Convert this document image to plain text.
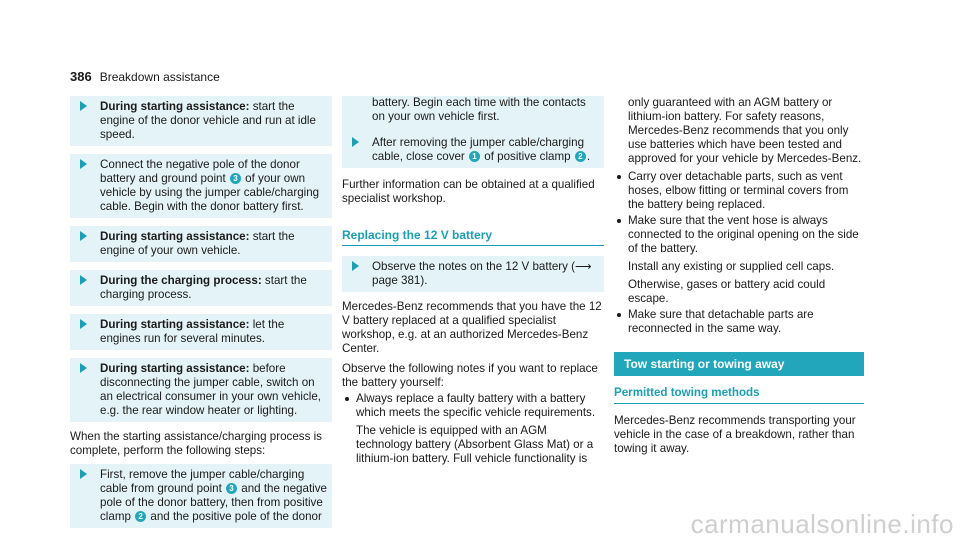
386 Breakdown assistance
During starting assistance: start the engine of the donor vehicle and run at idle speed.
Connect the negative pole of the donor battery and ground point 3 of your own vehicle by using the jumper cable/charging cable. Begin with the donor battery first.
During starting assistance: start the engine of your own vehicle.
During the charging process: start the charging process.
During starting assistance: let the engines run for several minutes.
During starting assistance: before disconnecting the jumper cable, switch on an electrical consumer in your own vehicle, e.g. the rear window heater or lighting.

When the starting assistance/charging process is complete, perform the following steps:

First, remove the jumper cable/charging cable from ground point 3 and the negative pole of the donor battery, then from positive clamp 2 and the positive pole of the donor
battery. Begin each time with the contacts on your own vehicle first.
After removing the jumper cable/charging cable, close cover 1 of positive clamp 2 .

Further information can be obtained at a qualified specialist workshop.

Replacing the 12 V battery
Observe the notes on the 12 V battery (⟶ page 381).

Mercedes-Benz recommends that you have the 12 V battery replaced at a qualified specialist workshop, e.g. at an authorized Mercedes-Benz Center.

Observe the following notes if you want to replace the battery yourself:

Always replace a faulty battery with a battery which meets the specific vehicle requirements.
The vehicle is equipped with an AGM technology battery (Absorbent Glass Mat) or a lithium-ion battery. Full vehicle functionality is
only guaranteed with an AGM battery or lithium-ion battery. For safety reasons, Mercedes-Benz recommends that you only use batteries which have been tested and approved for your vehicle by Mercedes-Benz.
Carry over detachable parts, such as vent hoses, elbow fitting or terminal covers from the battery being replaced.
Make sure that the vent hose is always connected to the original opening on the side of the battery.
Install any existing or supplied cell caps.
Otherwise, gases or battery acid could escape.
Make sure that detachable parts are reconnected in the same way.
Tow starting or towing away
Permitted towing methods

Mercedes-Benz recommends transporting your vehicle in the case of a breakdown, rather than towing it away.

carmanualsonline.info
